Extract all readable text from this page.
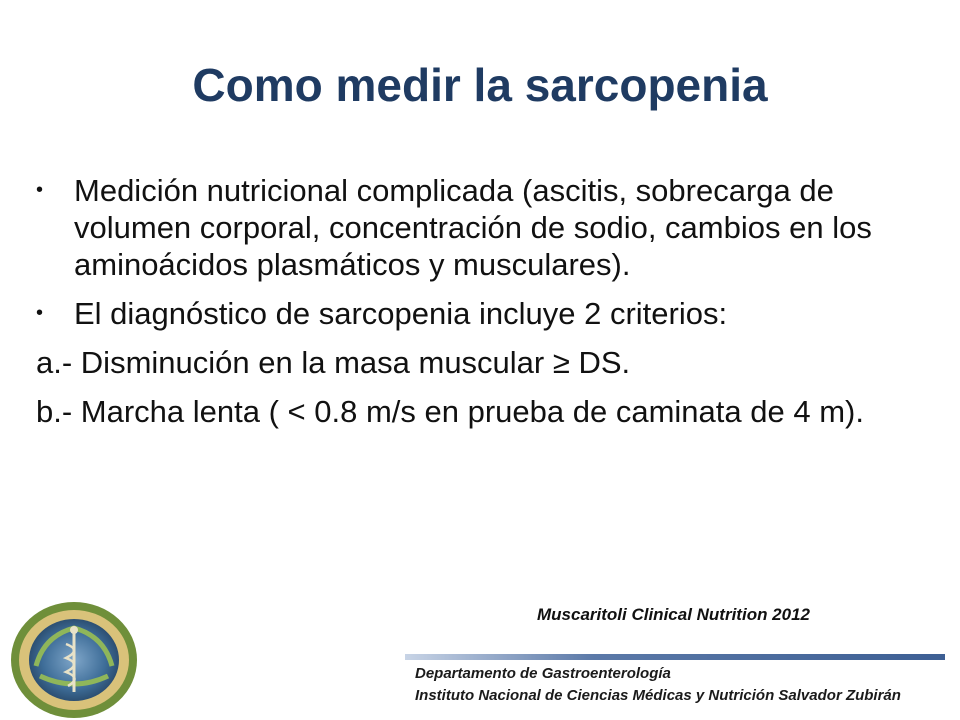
Como medir la sarcopenia
• Medición nutricional complicada (ascitis, sobrecarga de volumen corporal, concentración de sodio, cambios en los aminoácidos plasmáticos y musculares).
• El diagnóstico de sarcopenia incluye 2 criterios:
a.- Disminución en la masa muscular ≥ DS.
b.- Marcha lenta ( < 0.8 m/s en prueba de caminata de 4 m).
Muscaritoli Clinical Nutrition 2012
Departamento de Gastroenterología
Instituto Nacional de Ciencias Médicas y Nutrición Salvador Zubirán
